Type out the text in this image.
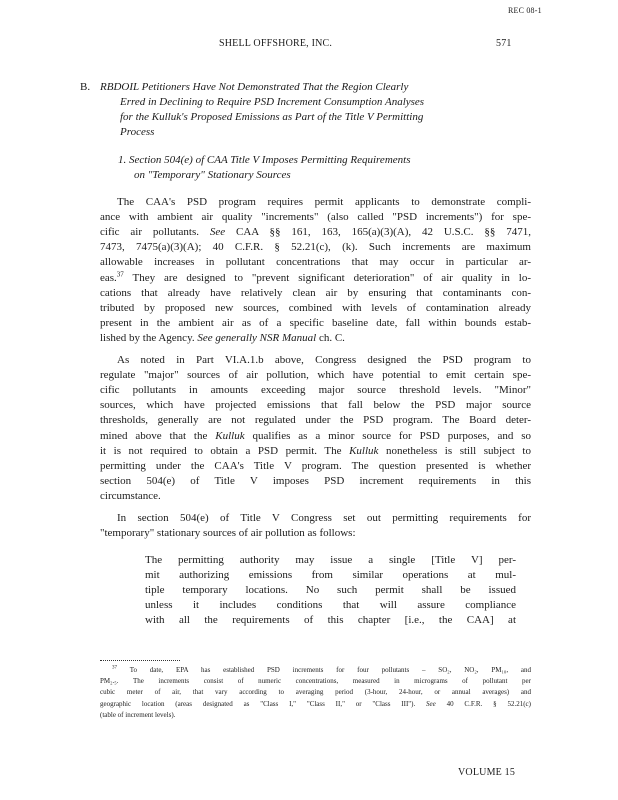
REC 08-1
SHELL OFFSHORE, INC.	571
B. RBDOIL Petitioners Have Not Demonstrated That the Region Clearly
Erred in Declining to Require PSD Increment Consumption Analyses
for the Kulluk's Proposed Emissions as Part of the Title V Permitting
Process
1. Section 504(e) of CAA Title V Imposes Permitting Requirements
on "Temporary" Stationary Sources
The CAA's PSD program requires permit applicants to demonstrate compli-
ance with ambient air quality "increments" (also called "PSD increments") for spe-
cific air pollutants. See CAA §§ 161, 163, 165(a)(3)(A), 42 U.S.C. §§ 7471,
7473, 7475(a)(3)(A); 40 C.F.R. § 52.21(c), (k). Such increments are maximum
allowable increases in pollutant concentrations that may occur in particular ar-
eas.$^{37}$ They are designed to "prevent significant deterioration" of air quality in lo-
cations that already have relatively clean air by ensuring that contaminants con-
tributed by proposed new sources, combined with levels of contamination already
present in the ambient air as of a specific baseline date, fall within bounds estab-
lished by the Agency. See generally NSR Manual ch. C.
As noted in Part VI.A.1.b above, Congress designed the PSD program to
regulate "major" sources of air pollution, which have potential to emit certain spe-
cific pollutants in amounts exceeding major source threshold levels. "Minor"
sources, which have projected emissions that fall below the PSD major source
thresholds, generally are not regulated under the PSD program. The Board deter-
mined above that the Kulluk qualifies as a minor source for PSD purposes, and so
it is not required to obtain a PSD permit. The Kulluk nonetheless is still subject to
permitting under the CAA's Title V program. The question presented is whether
section 504(e) of Title V imposes PSD increment requirements in this
circumstance.
In section 504(e) of Title V Congress set out permitting requirements for
"temporary" stationary sources of air pollution as follows:
The permitting authority may issue a single [Title V] per-
mit authorizing emissions from similar operations at mul-
tiple temporary locations. No such permit shall be issued
unless it includes conditions that will assure compliance
with all the requirements of this chapter [i.e., the CAA] at
$^{37}$ To date, EPA has established PSD increments for four pollutants – SO₂, NO₂, PM₁₀, and
PM₂.₅. The increments consist of numeric concentrations, measured in micrograms of pollutant per
cubic meter of air, that vary according to averaging period (3-hour, 24-hour, or annual averages) and
geographic location (areas designated as "Class I," "Class II," or "Class III"). See 40 C.F.R. § 52.21(c)
(table of increment levels).
VOLUME 15
